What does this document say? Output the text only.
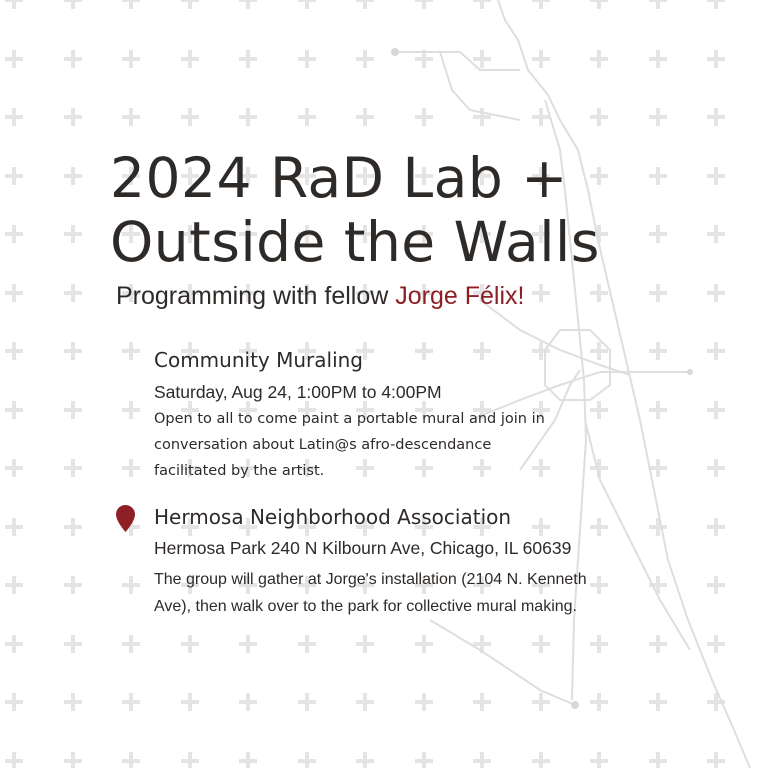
2024 RaD Lab +
Outside the Walls
Programming with fellow Jorge Félix!
Community Muraling
Saturday, Aug 24, 1:00PM to 4:00PM
Open to all to come paint a portable mural and join in
conversation about Latin@s afro-descendance
facilitated by the artist.
Hermosa Neighborhood Association
Hermosa Park 240 N Kilbourn Ave, Chicago, IL 60639
The group will gather at Jorge's installation (2104 N. Kenneth
Ave), then walk over to the park for collective mural making.
